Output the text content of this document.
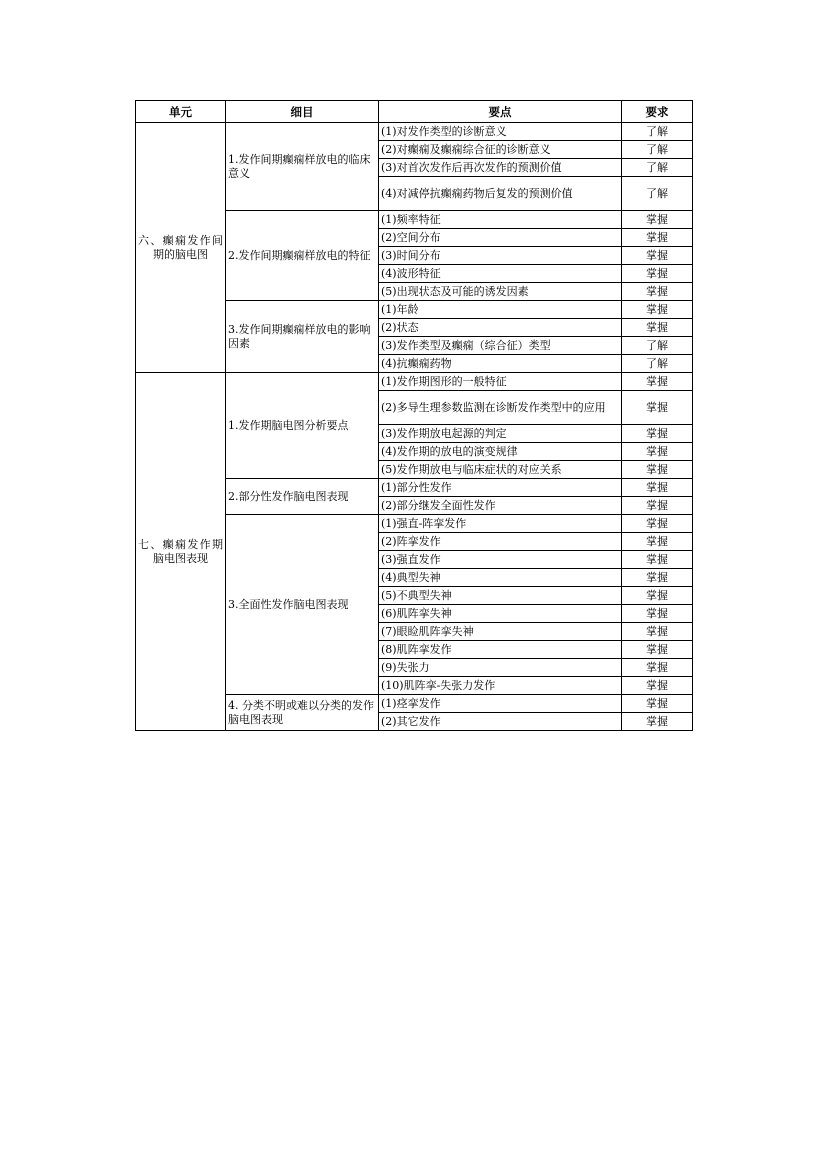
单元	细目	要点	要求
六、癫痫发作间期的脑电图	1.发作间期癫痫样放电的临床意义	(1)对发作类型的诊断意义	了解
		(2)对癫痫及癫痫综合征的诊断意义	了解
		(3)对首次发作后再次发作的预测价值	了解
		(4)对减停抗癫痫药物后复发的预测价值	了解
	2.发作间期癫痫样放电的特征	(1)频率特征	掌握
		(2)空间分布	掌握
		(3)时间分布	掌握
		(4)波形特征	掌握
		(5)出现状态及可能的诱发因素	掌握
	3.发作间期癫痫样放电的影响因素	(1)年龄	掌握
		(2)状态	掌握
		(3)发作类型及癫痫（综合征）类型	了解
		(4)抗癫痫药物	了解
七、癫痫发作期脑电图表现	1.发作期脑电图分析要点	(1)发作期图形的一般特征	掌握
		(2)多导生理参数监测在诊断发作类型中的应用	掌握
		(3)发作期放电起源的判定	掌握
		(4)发作期的放电的演变规律	掌握
		(5)发作期放电与临床症状的对应关系	掌握
	2.部分性发作脑电图表现	(1)部分性发作	掌握
		(2)部分继发全面性发作	掌握
	3.全面性发作脑电图表现	(1)强直-阵挛发作	掌握
		(2)阵挛发作	掌握
		(3)强直发作	掌握
		(4)典型失神	掌握
		(5)不典型失神	掌握
		(6)肌阵挛失神	掌握
		(7)眼睑肌阵挛失神	掌握
		(8)肌阵挛发作	掌握
		(9)失张力	掌握
		(10)肌阵挛-失张力发作	掌握
	4. 分类不明或难以分类的发作脑电图表现	(1)痉挛发作	掌握
		(2)其它发作	掌握
